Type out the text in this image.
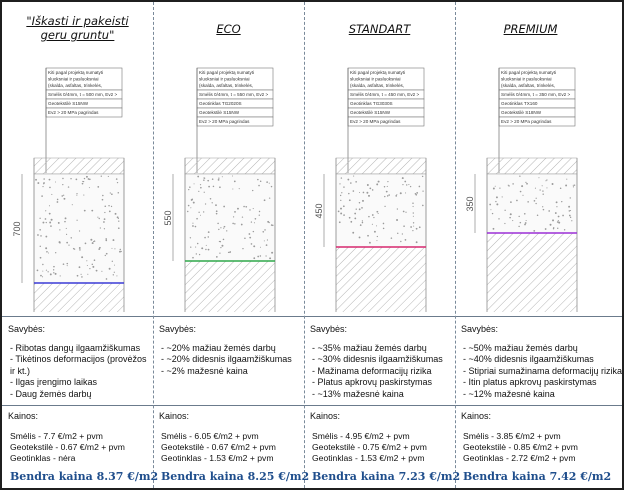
"Iškasti ir pakeisti
geru gruntu"
Kiti pagal projektą numatyti
sluoksniai ir pasluoksniai
(skalda, asfaltas, trinkelės,
Smėlis 0/4mm, t = 500 mm, Ev2 >
Geotekstilė S15NW
Ev2 > 20 MPa pagrindas
700
Savybės:
- Ribotas dangų ilgaamžiškumas
- Tikėtinos deformacijos (provėžos ir kt.)
- Ilgas įrengimo laikas
- Daug žemės darbų
Kainos:
Smėlis - 7.7 €/m2 + pvm
Geotekstilė - 0.67 €/m2 + pvm
Geotinklas - nėra
Bendra kaina 8.37 €/m2
ECO
Kiti pagal projektą numatyti
sluoksniai ir pasluoksniai
(skalda, asfaltas, trinkelės,
Smėlis 0/4mm, t = 550 mm, Ev2 >
Geotinklas TG2020S
Geotekstilė S15NW
Ev2 > 20 MPa pagrindas
550
Savybės:
- ~20% mažiau žemės darbų
- ~20% didesnis ilgaamžiškumas
- ~2% mažesnė kaina
Kainos:
Smėlis - 6.05 €/m2 + pvm
Geotekstilė - 0.67 €/m2 + pvm
Geotinklas - 1.53 €/m2 + pvm
Bendra kaina 8.25 €/m2
STANDART
Kiti pagal projektą numatyti
sluoksniai ir pasluoksniai
(skalda, asfaltas, trinkelės,
Smėlis 0/4mm, t = 450 mm, Ev2 >
Geotinklas TG3030S
Geotekstilė S15NW
Ev2 > 20 MPa pagrindas
450
Savybės:
- ~35% mažiau žemės darbų
- ~30% didesnis ilgaamžiškumas
- Mažinama deformacijų rizika
- Platus apkrovų paskirstymas
- ~13% mažesnė kaina
Kainos:
Smėlis - 4.95 €/m2 + pvm
Geotekstilė - 0.75 €/m2 + pvm
Geotinklas - 1.53 €/m2 + pvm
Bendra kaina 7.23 €/m2
PREMIUM
Kiti pagal projektą numatyti
sluoksniai ir pasluoksniai
(skalda, asfaltas, trinkelės,
Smėlis 0/4mm, t = 350 mm, Ev2 >
Geotinklas TX160
Geotekstilė S18NW
Ev2 > 20 MPa pagrindas
350
Savybės:
- ~50% mažiau žemės darbų
- ~40% didesnis ilgaamžiškumas
- Stipriai sumažinama deformacijų rizika
- Itin platus apkrovų paskirstymas
- ~12% mažesnė kaina
Kainos:
Smėlis - 3.85 €/m2 + pvm
Geotekstilė - 0.85 €/m2 + pvm
Geotinklas - 2.72 €/m2 + pvm
Bendra kaina 7.42 €/m2
